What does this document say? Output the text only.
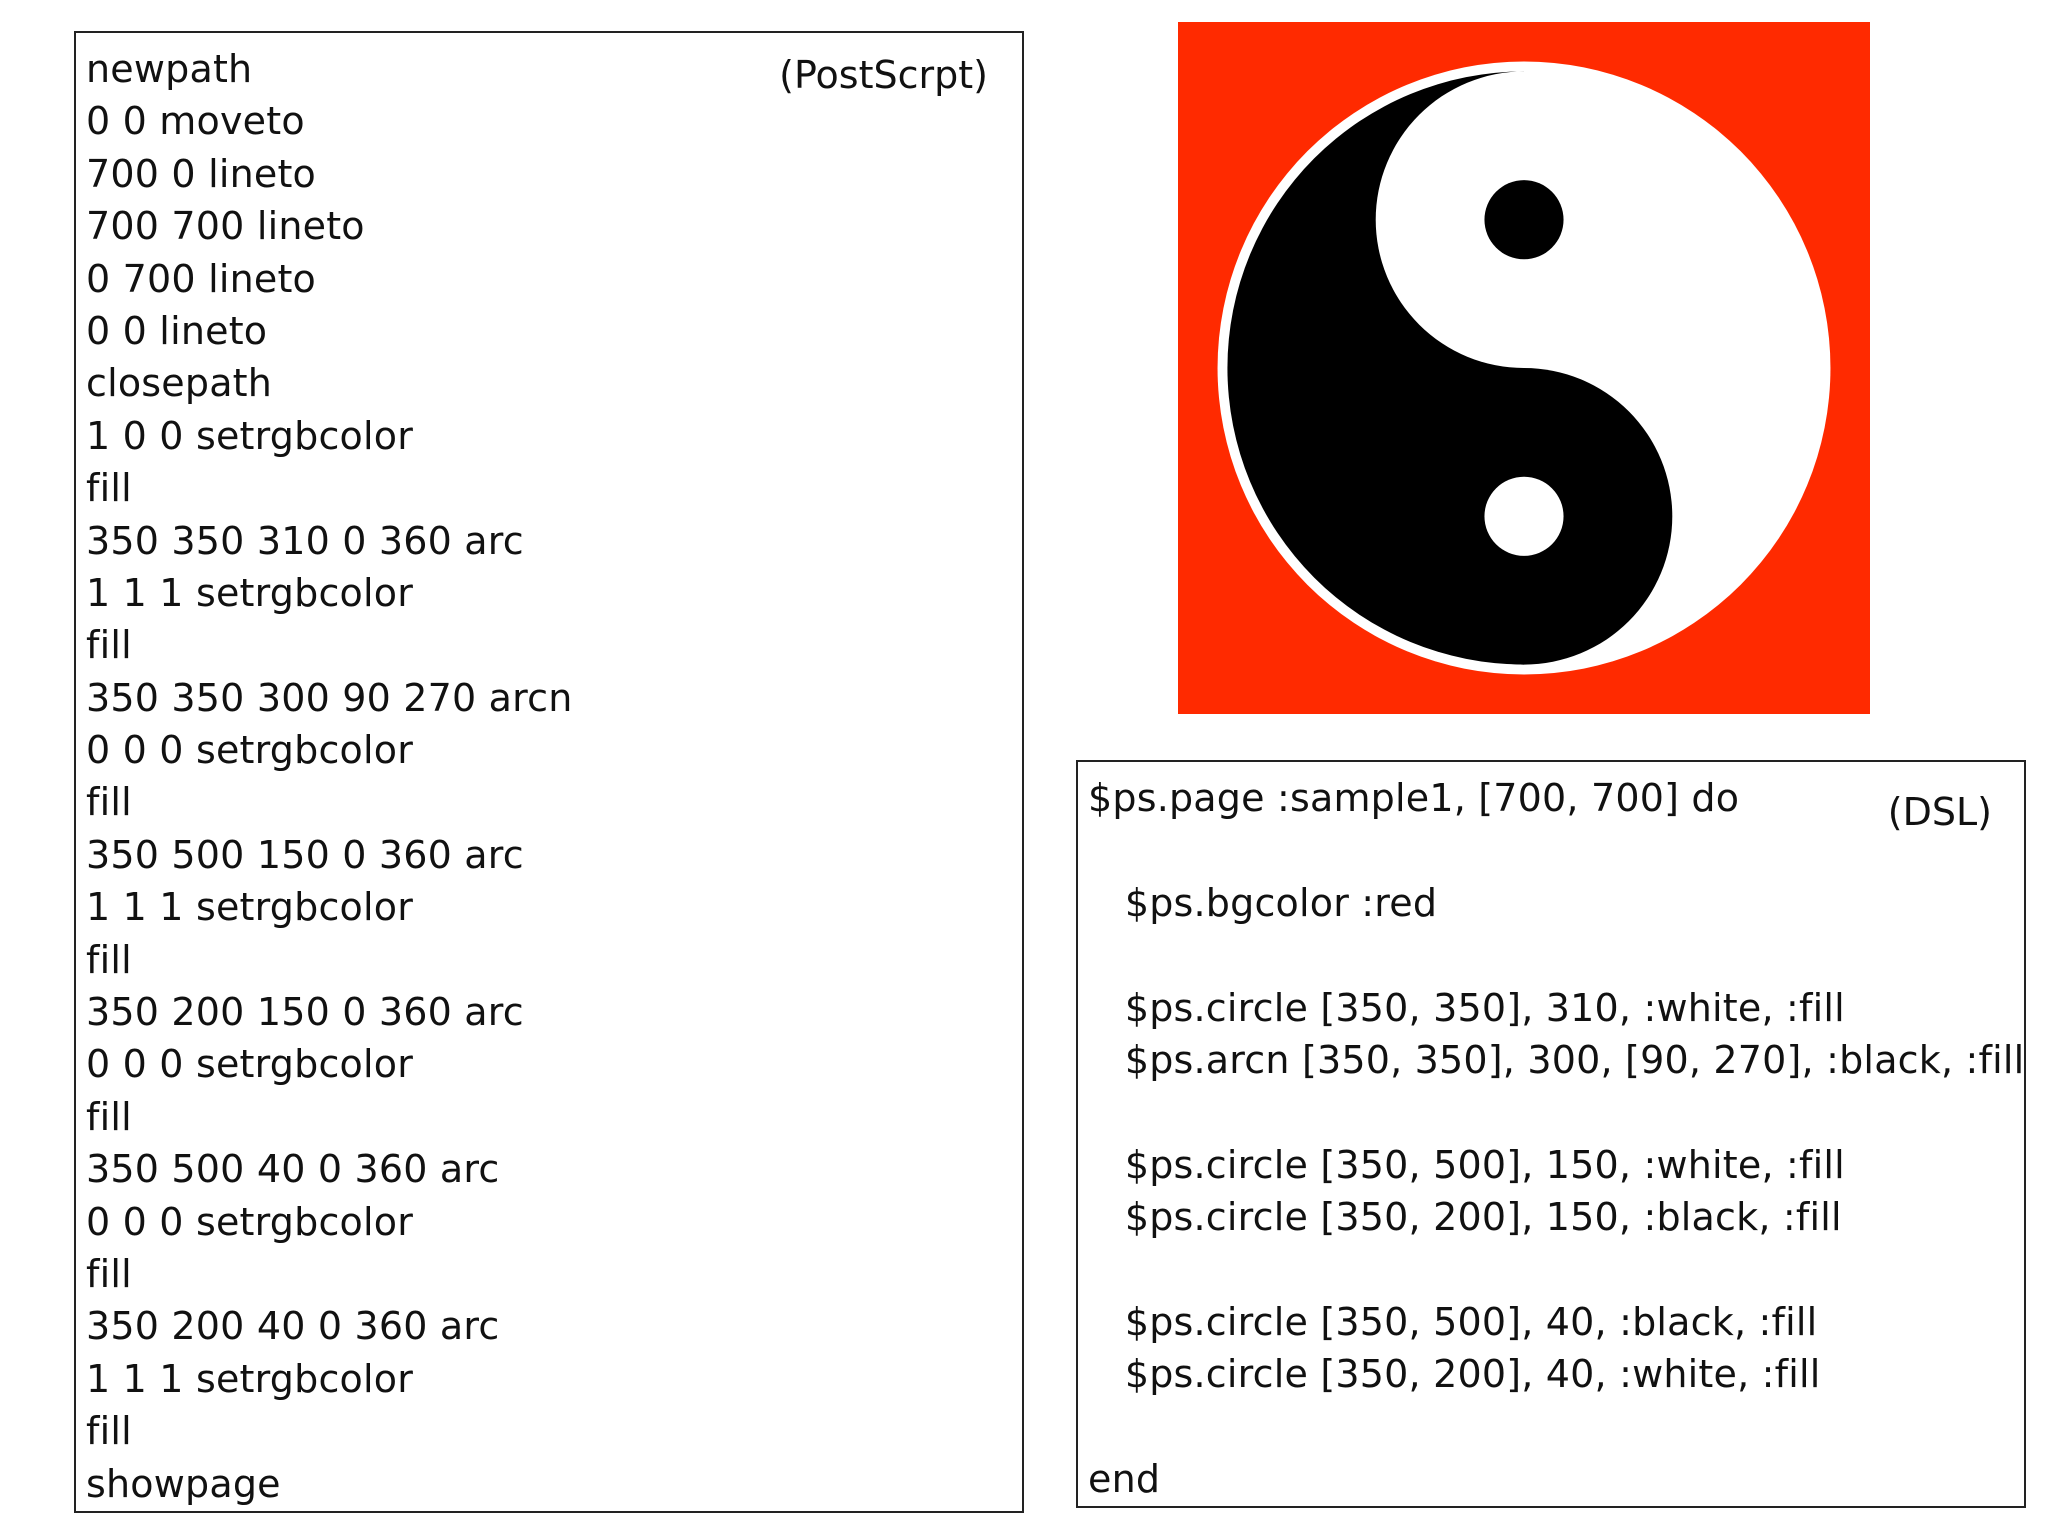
(PostScrpt)
newpath
0 0 moveto
700 0 lineto
700 700 lineto
0 700 lineto
0 0 lineto
closepath
1 0 0 setrgbcolor
fill
350 350 310 0 360 arc
1 1 1 setrgbcolor
fill
350 350 300 90 270 arcn
0 0 0 setrgbcolor
fill
350 500 150 0 360 arc
1 1 1 setrgbcolor
fill
350 200 150 0 360 arc
0 0 0 setrgbcolor
fill
350 500 40 0 360 arc
0 0 0 setrgbcolor
fill
350 200 40 0 360 arc
1 1 1 setrgbcolor
fill
showpage
(DSL)
$ps.page :sample1, [700, 700] do
$ps.bgcolor :red
$ps.circle [350, 350], 310, :white, :fill
$ps.arcn [350, 350], 300, [90, 270], :black, :fill
$ps.circle [350, 500], 150, :white, :fill
$ps.circle [350, 200], 150, :black, :fill
$ps.circle [350, 500], 40, :black, :fill
$ps.circle [350, 200], 40, :white, :fill
end
